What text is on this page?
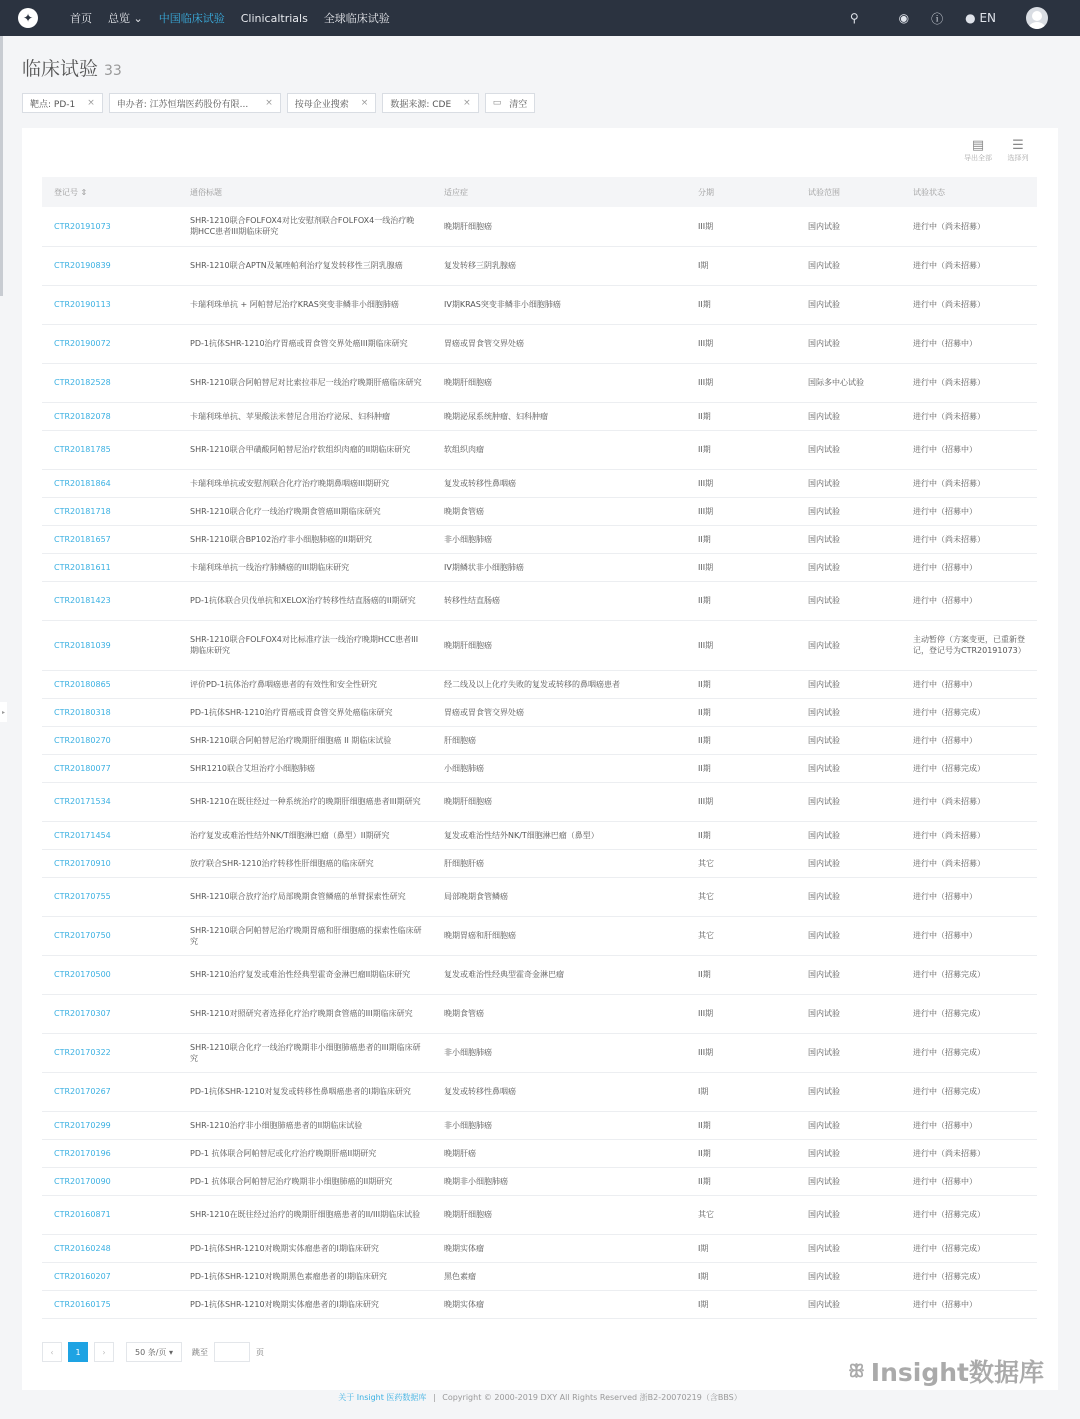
✦	首页 总览 ⌄ 中国临床试验 Clinicaltrials 全球临床试验	⚲	◉ ⓘ ● EN
▸
临床试验 33
靶点: PD-1 × 申办者: 江苏恒瑞医药股份有限... × 按母企业搜索 × 数据来源: CDE × ▭ 清空
▤
导出全部
☰
选择列
登记号 ⇕	通俗标题	适应症	分期	试验范围	试验状态
CTR20191073	SHR-1210联合FOLFOX4对比安慰剂联合FOLFOX4一线治疗晚期HCC患者III期临床研究	晚期肝细胞癌	III期	国内试验	进行中（尚未招募）
CTR20190839	SHR-1210联合APTN及氟唑帕利治疗复发转移性三阴乳腺癌	复发转移三阴乳腺癌	I期	国内试验	进行中（尚未招募）
CTR20190113	卡瑞利珠单抗 + 阿帕替尼治疗KRAS突变非鳞非小细胞肺癌	IV期KRAS突变非鳞非小细胞肺癌	II期	国内试验	进行中（尚未招募）
CTR20190072	PD-1抗体SHR-1210治疗胃癌或胃食管交界处癌III期临床研究	胃癌或胃食管交界处癌	III期	国内试验	进行中（招募中）
CTR20182528	SHR-1210联合阿帕替尼对比索拉菲尼一线治疗晚期肝癌临床研究	晚期肝细胞癌	III期	国际多中心试验	进行中（尚未招募）
CTR20182078	卡瑞利珠单抗、苹果酸法米替尼合用治疗泌尿、妇科肿瘤	晚期泌尿系统肿瘤、妇科肿瘤	II期	国内试验	进行中（尚未招募）
CTR20181785	SHR-1210联合甲磺酸阿帕替尼治疗软组织肉瘤的II期临床研究	软组织肉瘤	II期	国内试验	进行中（招募中）
CTR20181864	卡瑞利珠单抗或安慰剂联合化疗治疗晚期鼻咽癌III期研究	复发或转移性鼻咽癌	III期	国内试验	进行中（尚未招募）
CTR20181718	SHR-1210联合化疗一线治疗晚期食管癌III期临床研究	晚期食管癌	III期	国内试验	进行中（招募中）
CTR20181657	SHR-1210联合BP102治疗非小细胞肺癌的II期研究	非小细胞肺癌	II期	国内试验	进行中（尚未招募）
CTR20181611	卡瑞利珠单抗一线治疗肺鳞癌的III期临床研究	IV期鳞状非小细胞肺癌	III期	国内试验	进行中（招募中）
CTR20181423	PD-1抗体联合贝伐单抗和XELOX治疗转移性结直肠癌的II期研究	转移性结直肠癌	II期	国内试验	进行中（招募中）
CTR20181039	SHR-1210联合FOLFOX4对比标准疗法一线治疗晚期HCC患者III期临床研究	晚期肝细胞癌	III期	国内试验	主动暂停（方案变更，已重新登记，登记号为CTR20191073）
CTR20180865	评价PD-1抗体治疗鼻咽癌患者的有效性和安全性研究	经二线及以上化疗失败的复发或转移的鼻咽癌患者	II期	国内试验	进行中（招募中）
CTR20180318	PD-1抗体SHR-1210治疗胃癌或胃食管交界处癌临床研究	胃癌或胃食管交界处癌	II期	国内试验	进行中（招募完成）
CTR20180270	SHR-1210联合阿帕替尼治疗晚期肝细胞癌 II 期临床试验	肝细胞癌	II期	国内试验	进行中（招募中）
CTR20180077	SHR1210联合艾坦治疗小细胞肺癌	小细胞肺癌	II期	国内试验	进行中（招募完成）
CTR20171534	SHR-1210在既往经过一种系统治疗的晚期肝细胞癌患者III期研究	晚期肝细胞癌	III期	国内试验	进行中（尚未招募）
CTR20171454	治疗复发或难治性结外NK/T细胞淋巴瘤（鼻型）II期研究	复发或难治性结外NK/T细胞淋巴瘤（鼻型）	II期	国内试验	进行中（尚未招募）
CTR20170910	放疗联合SHR-1210治疗转移性肝细胞癌的临床研究	肝细胞肝癌	其它	国内试验	进行中（尚未招募）
CTR20170755	SHR-1210联合放疗治疗局部晚期食管鳞癌的单臂探索性研究	局部晚期食管鳞癌	其它	国内试验	进行中（招募中）
CTR20170750	SHR-1210联合阿帕替尼治疗晚期胃癌和肝细胞癌的探索性临床研究	晚期胃癌和肝细胞癌	其它	国内试验	进行中（招募中）
CTR20170500	SHR-1210治疗复发或难治性经典型霍奇金淋巴瘤II期临床研究	复发或难治性经典型霍奇金淋巴瘤	II期	国内试验	进行中（招募完成）
CTR20170307	SHR-1210对照研究者选择化疗治疗晚期食管癌的III期临床研究	晚期食管癌	III期	国内试验	进行中（招募完成）
CTR20170322	SHR-1210联合化疗一线治疗晚期非小细胞肺癌患者的III期临床研究	非小细胞肺癌	III期	国内试验	进行中（招募完成）
CTR20170267	PD-1抗体SHR-1210对复发或转移性鼻咽癌患者的I期临床研究	复发或转移性鼻咽癌	I期	国内试验	进行中（招募完成）
CTR20170299	SHR-1210治疗非小细胞肺癌患者的II期临床试验	非小细胞肺癌	II期	国内试验	进行中（招募中）
CTR20170196	PD-1 抗体联合阿帕替尼或化疗治疗晚期肝癌II期研究	晚期肝癌	II期	国内试验	进行中（尚未招募）
CTR20170090	PD-1 抗体联合阿帕替尼治疗晚期非小细胞肺癌的II期研究	晚期非小细胞肺癌	II期	国内试验	进行中（招募中）
CTR20160871	SHR-1210在既往经过治疗的晚期肝细胞癌患者的II/III期临床试验	晚期肝细胞癌	其它	国内试验	进行中（招募完成）
CTR20160248	PD-1抗体SHR-1210对晚期实体瘤患者的I期临床研究	晚期实体瘤	I期	国内试验	进行中（招募完成）
CTR20160207	PD-1抗体SHR-1210对晚期黑色素瘤患者的I期临床研究	黑色素瘤	I期	国内试验	进行中（招募完成）
CTR20160175	PD-1抗体SHR-1210对晚期实体瘤患者的I期临床研究	晚期实体瘤	I期	国内试验	进行中（招募中）
‹	1	›	50 条/页 ▾	跳至	页
关于 Insight 医药数据库 | Copyright © 2000-2019 DXY All Rights Reserved 浙B2-20070219（含BBS）
ꕥ Insight数据库
